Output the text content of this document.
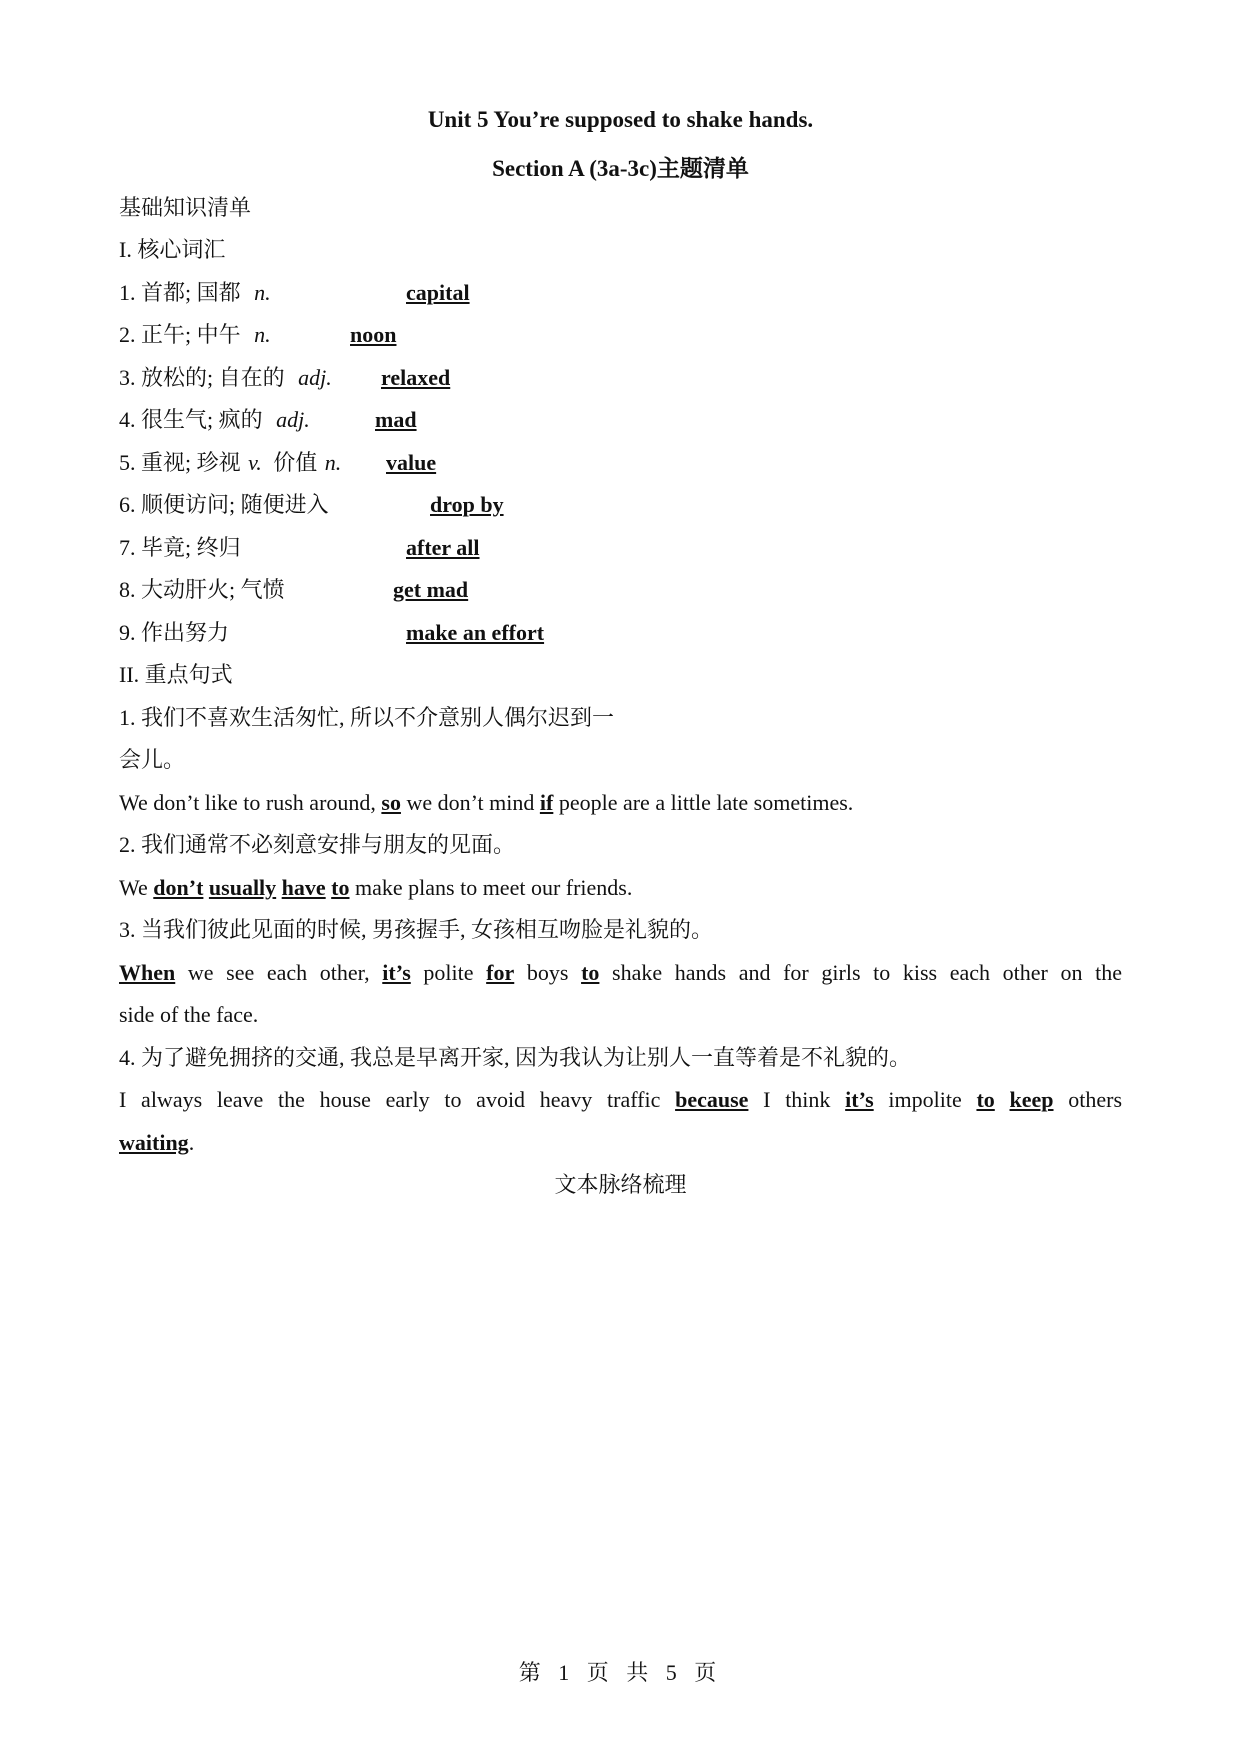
Unit 5 You’re supposed to shake hands.
Section A (3a-3c)主题清单
基础知识清单
I. 核心词汇
1. 首都; 国都 n.	capital
2. 正午; 中午 n.	noon
3. 放松的; 自在的 adj. relaxed
4. 很生气; 疯的 adj.	mad
5. 重视; 珍视 v. 价值 n. value
6. 顺便访问; 随便进入	drop by
7. 毕竟; 终归	after all
8. 大动肝火; 气愤	get mad
9. 作出努力	make an effort
II. 重点句式
1. 我们不喜欢生活匆忙, 所以不介意别人偶尔迟到一
会儿。
We don’t like to rush around, so we don’t mind if people are a little late sometimes.
2. 我们通常不必刻意安排与朋友的见面。
We don’t usually have to make plans to meet our friends.
3. 当我们彼此见面的时候, 男孩握手, 女孩相互吻脸是礼貌的。
When we see each other, it’s polite for boys to shake hands and for girls to kiss each other on the
side of the face.
4. 为了避免拥挤的交通, 我总是早离开家, 因为我认为让别人一直等着是不礼貌的。
I always leave the house early to avoid heavy traffic because I think it’s impolite to keep others
waiting.
文本脉络梳理
第 1 页 共 5 页
